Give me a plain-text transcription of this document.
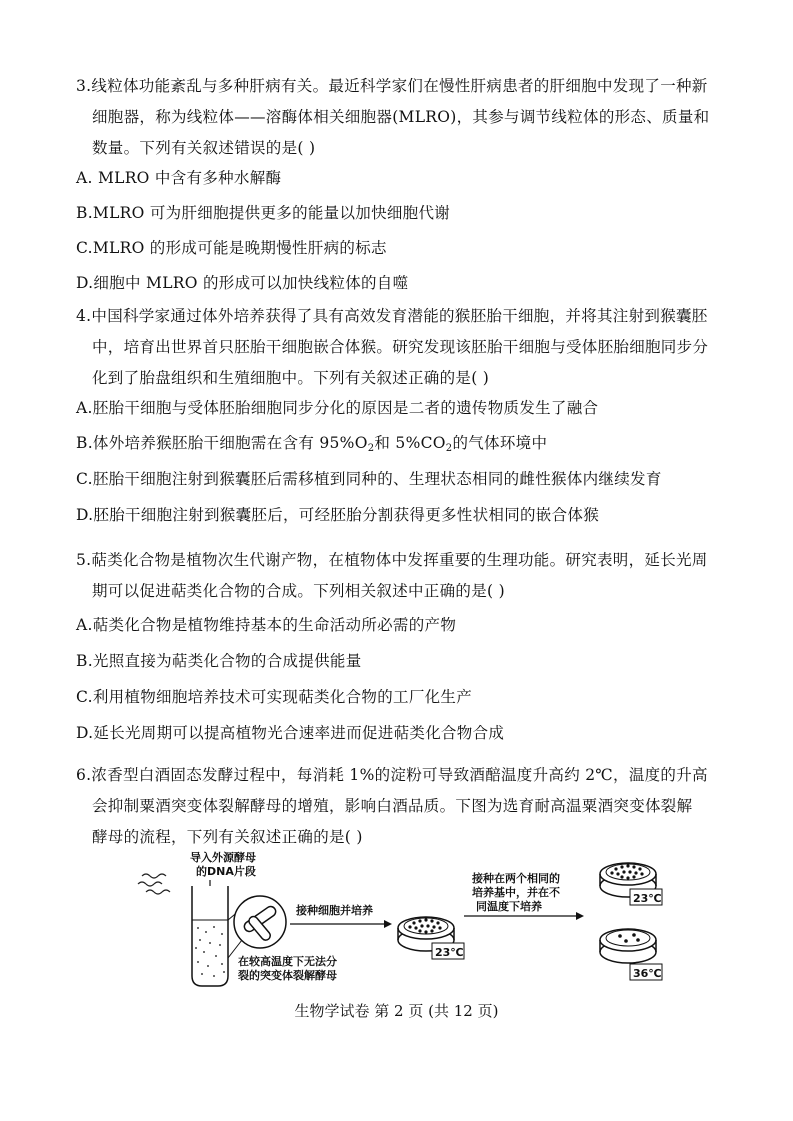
3.线粒体功能紊乱与多种肝病有关。最近科学家们在慢性肝病患者的肝细胞中发现了一种新
细胞器，称为线粒体——溶酶体相关细胞器(MLRO)，其参与调节线粒体的形态、质量和
数量。下列有关叙述错误的是( )
A. MLRO 中含有多种水解酶
B.MLRO 可为肝细胞提供更多的能量以加快细胞代谢
C.MLRO 的形成可能是晚期慢性肝病的标志
D.细胞中 MLRO 的形成可以加快线粒体的自噬
4.中国科学家通过体外培养获得了具有高效发育潜能的猴胚胎干细胞，并将其注射到猴囊胚
中，培育出世界首只胚胎干细胞嵌合体猴。研究发现该胚胎干细胞与受体胚胎细胞同步分
化到了胎盘组织和生殖细胞中。下列有关叙述正确的是( )
A.胚胎干细胞与受体胚胎细胞同步分化的原因是二者的遗传物质发生了融合
B.体外培养猴胚胎干细胞需在含有 95%O2和 5%CO2的气体环境中
C.胚胎干细胞注射到猴囊胚后需移植到同种的、生理状态相同的雌性猴体内继续发育
D.胚胎干细胞注射到猴囊胚后，可经胚胎分割获得更多性状相同的嵌合体猴
5.萜类化合物是植物次生代谢产物，在植物体中发挥重要的生理功能。研究表明，延长光周
期可以促进萜类化合物的合成。下列相关叙述中正确的是( )
A.萜类化合物是植物维持基本的生命活动所必需的产物
B.光照直接为萜类化合物的合成提供能量
C.利用植物细胞培养技术可实现萜类化合物的工厂化生产
D.延长光周期可以提高植物光合速率进而促进萜类化合物合成
6.浓香型白酒固态发酵过程中，每消耗 1%的淀粉可导致酒醅温度升高约 2℃，温度的升高
会抑制粟酒突变体裂解酵母的增殖，影响白酒品质。下图为选育耐高温粟酒突变体裂解
酵母的流程，下列有关叙述正确的是( )
导入外源酵母
的DNA片段
在较高温度下无法分
裂的突变体裂解酵母
接种细胞并培养
23℃
接种在两个相同的
培养基中，并在不
同温度下培养
23℃
36℃
生物学试卷 第 2 页 (共 12 页)
